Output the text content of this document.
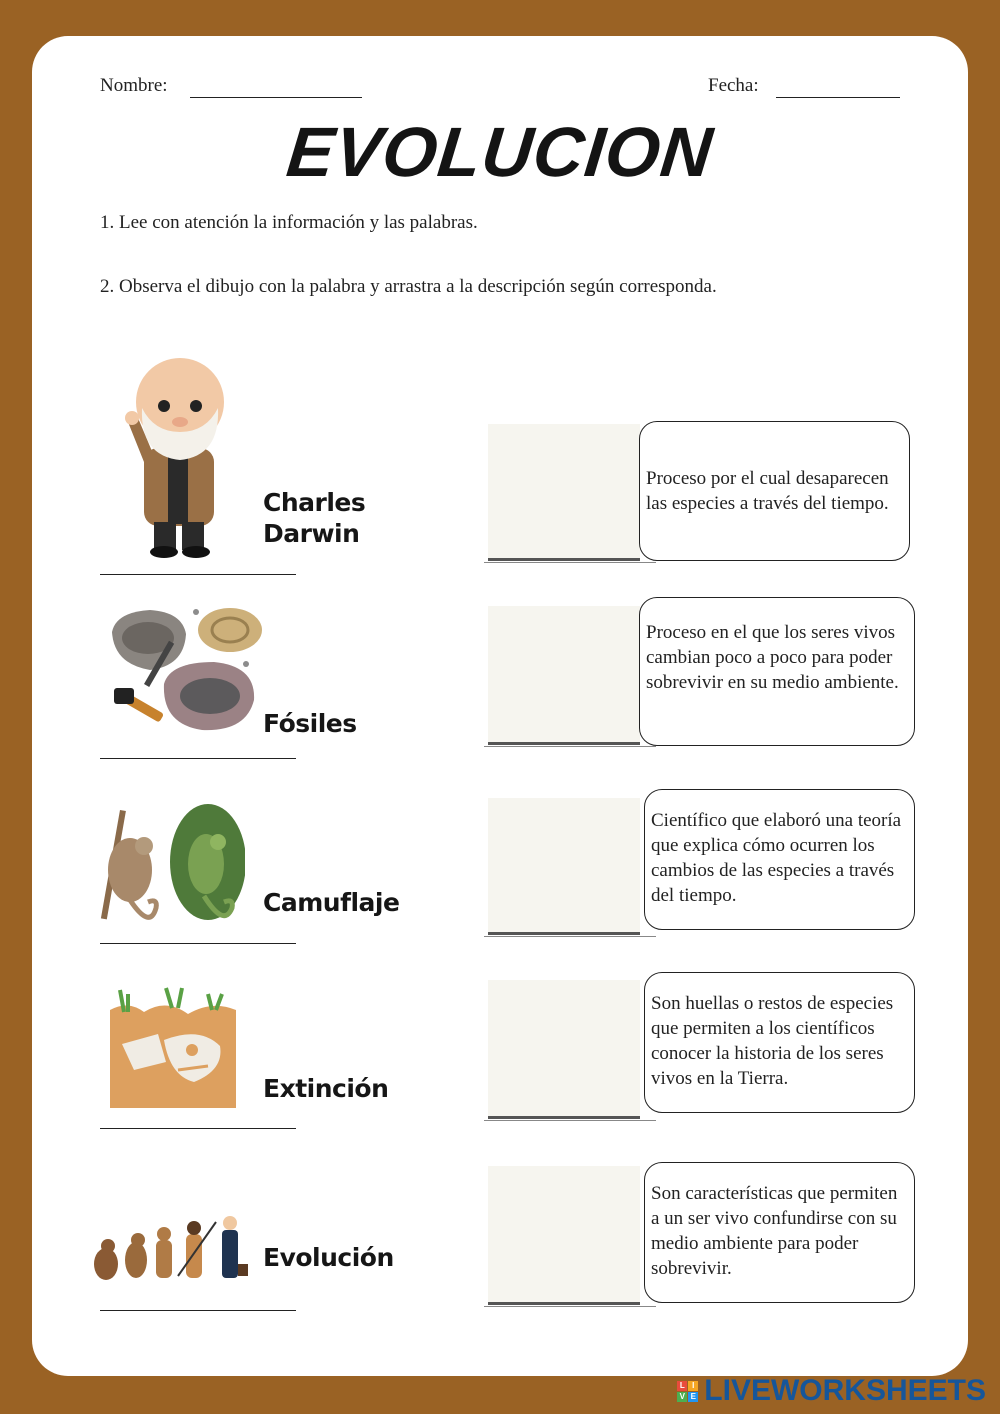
Nombre:	Fecha:
EVOLUCION
1. Lee con atención la información y las palabras.
2. Observa el dibujo con la palabra y arrastra a la descripción según corresponda.
Charles
Darwin
Fósiles
Camuflaje
Extinción
Evolución
Proceso por el cual desaparecen las especies a través del tiempo.
Proceso en el que los seres vivos cambian poco a poco para poder sobrevivir en su medio ambiente.
Científico que elaboró una teoría que explica cómo ocurren los cambios de las especies a través del tiempo.
Son huellas o restos de especies que permiten a los científicos conocer la historia de los seres vivos en la Tierra.
Son características que permiten a un ser vivo confundirse con su medio ambiente para poder sobrevivir.
L I
V E LIVEWORKSHEETS
